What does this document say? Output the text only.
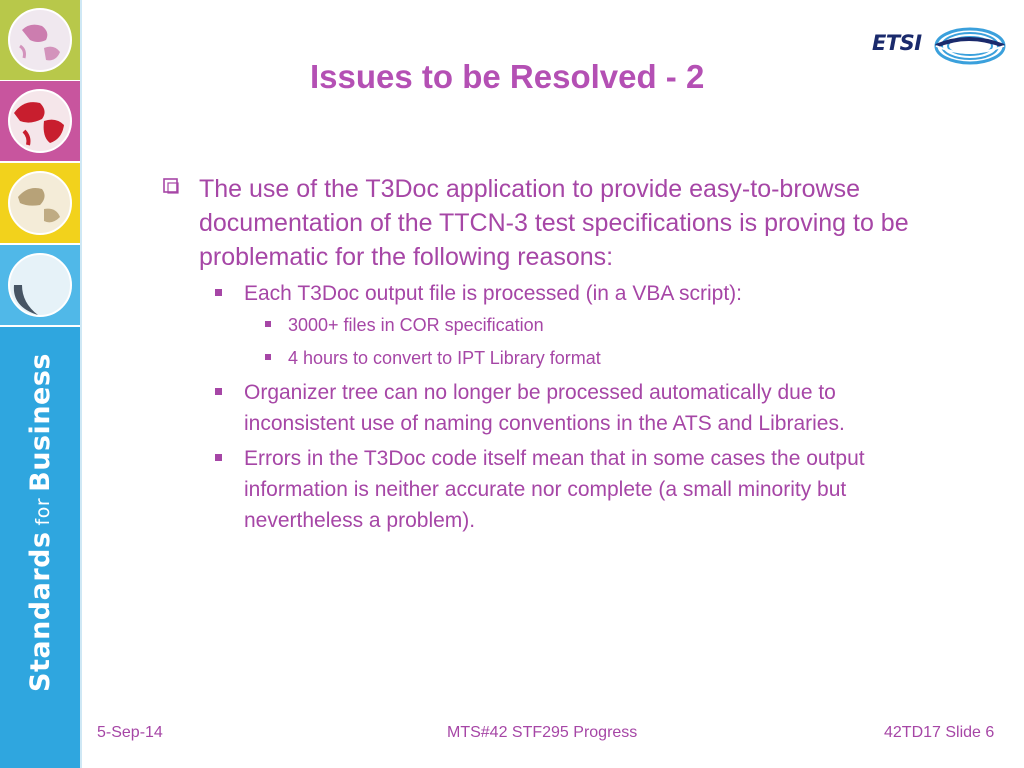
StandardsforBusiness
ETSI
Issues to be Resolved - 2
The use of the T3Doc application to provide easy-to-browse documentation of the TTCN-3 test specifications is proving to be problematic for the following reasons:
Each T3Doc output file is processed (in a VBA script):
3000+ files in COR specification
4 hours to convert to IPT Library format
Organizer tree can no longer be processed automatically due to inconsistent use of naming conventions in the ATS and Libraries.
Errors in the T3Doc code itself mean that in some cases the output information is neither accurate nor complete (a small minority but nevertheless a problem).
5-Sep-14	MTS#42 STF295 Progress	42TD17 Slide 6
